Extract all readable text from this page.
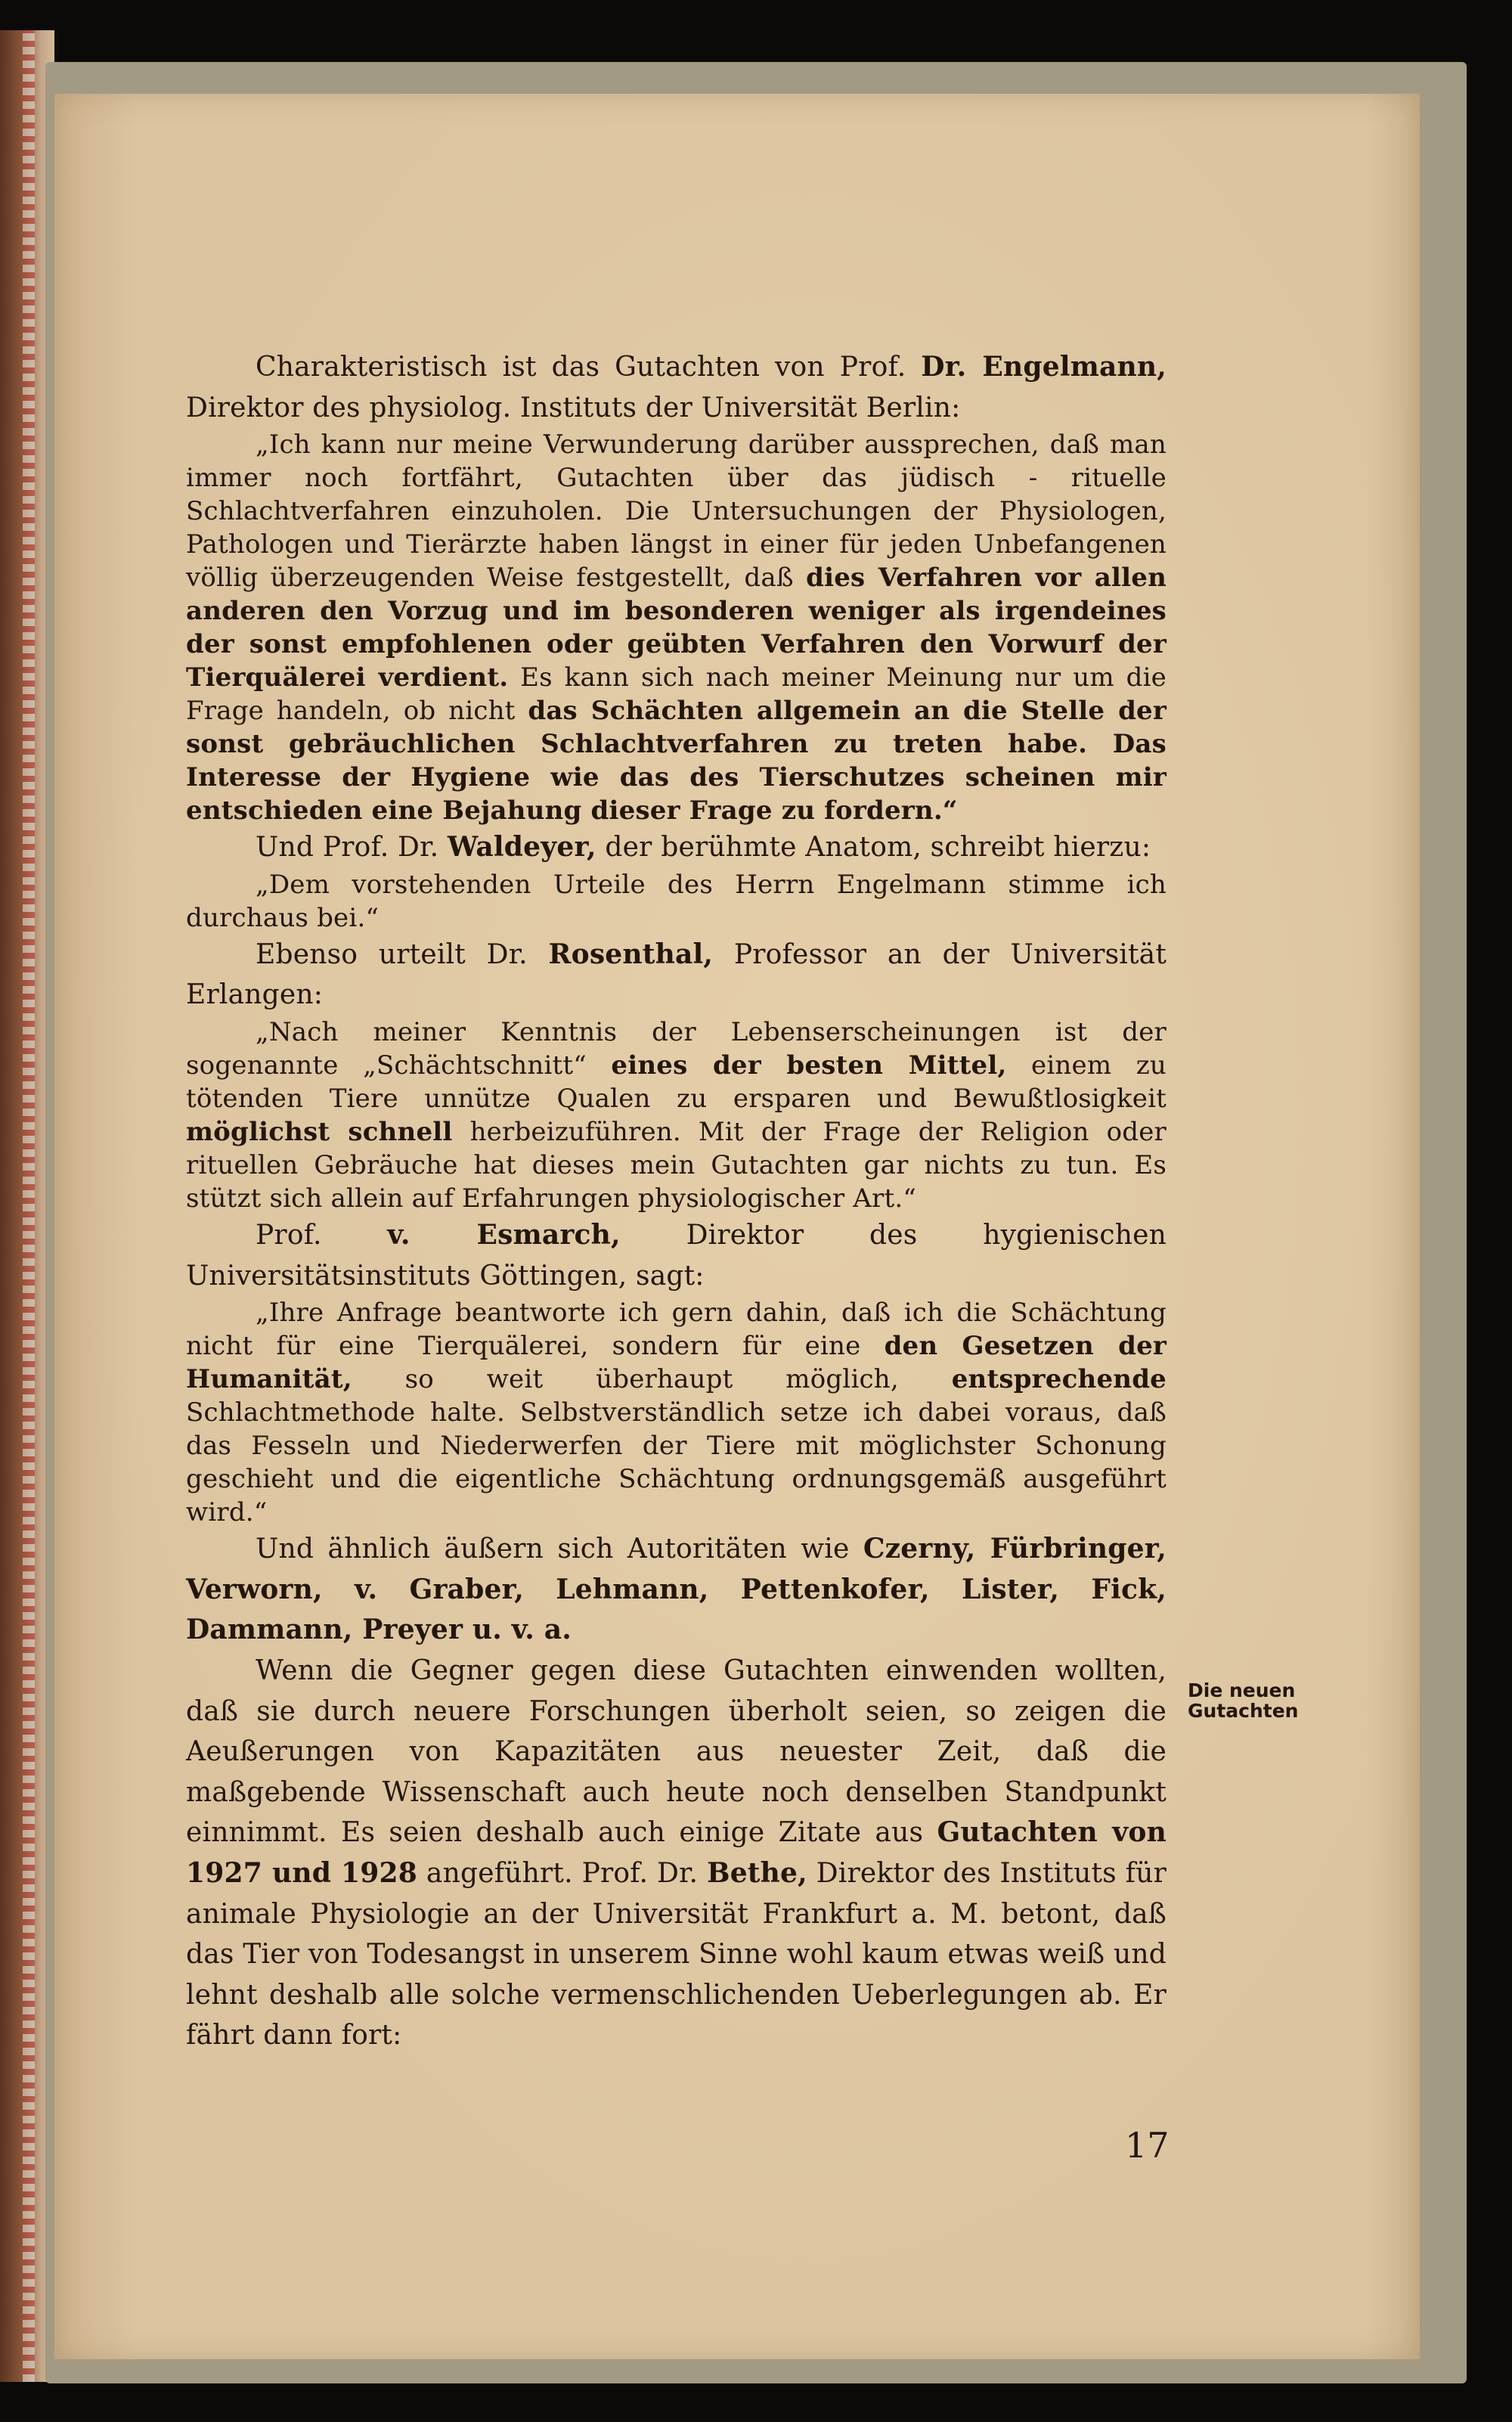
Charakteristisch ist das Gutachten von Prof. Dr. Engelmann, Direktor des physiolog. Instituts der Universität Berlin:

„Ich kann nur meine Verwunderung darüber aussprechen, daß man immer noch fortfährt, Gutachten über das jüdisch - rituelle Schlachtverfahren einzuholen. Die Untersuchungen der Physiologen, Pathologen und Tierärzte haben längst in einer für jeden Unbefangenen völlig überzeugenden Weise festgestellt, daß dies Verfahren vor allen anderen den Vorzug und im besonderen weniger als irgendeines der sonst empfohlenen oder geübten Verfahren den Vorwurf der Tierquälerei verdient. Es kann sich nach meiner Meinung nur um die Frage handeln, ob nicht das Schächten allgemein an die Stelle der sonst gebräuchlichen Schlachtverfahren zu treten habe. Das Interesse der Hygiene wie das des Tierschutzes scheinen mir entschieden eine Bejahung dieser Frage zu fordern.“

Und Prof. Dr. Waldeyer, der berühmte Anatom, schreibt hierzu:

„Dem vorstehenden Urteile des Herrn Engelmann stimme ich durchaus bei.“

Ebenso urteilt Dr. Rosenthal, Professor an der Universität Erlangen:

„Nach meiner Kenntnis der Lebenserscheinungen ist der sogenannte „Schächtschnitt“ eines der besten Mittel, einem zu tötenden Tiere unnütze Qualen zu ersparen und Bewußtlosigkeit möglichst schnell herbeizuführen. Mit der Frage der Religion oder rituellen Gebräuche hat dieses mein Gutachten gar nichts zu tun. Es stützt sich allein auf Erfahrungen physiologischer Art.“

Prof. v. Esmarch, Direktor des hygienischen Universitätsinstituts Göttingen, sagt:

„Ihre Anfrage beantworte ich gern dahin, daß ich die Schächtung nicht für eine Tierquälerei, sondern für eine den Gesetzen der Humanität, so weit überhaupt möglich, entsprechende Schlachtmethode halte. Selbstverständlich setze ich dabei voraus, daß das Fesseln und Niederwerfen der Tiere mit möglichster Schonung geschieht und die eigentliche Schächtung ordnungsgemäß ausgeführt wird.“

Und ähnlich äußern sich Autoritäten wie Czerny, Fürbringer, Verworn, v. Graber, Lehmann, Pettenkofer, Lister, Fick, Dammann, Preyer u. v. a.

Wenn die Gegner gegen diese Gutachten einwenden wollten, daß sie durch neuere Forschungen überholt seien, so zeigen die Aeußerungen von Kapazitäten aus neuester Zeit, daß die maßgebende Wissenschaft auch heute noch denselben Standpunkt einnimmt. Es seien deshalb auch einige Zitate aus Gutachten von 1927 und 1928 angeführt. Prof. Dr. Bethe, Direktor des Instituts für animale Physiologie an der Universität Frankfurt a. M. betont, daß das Tier von Todesangst in unserem Sinne wohl kaum etwas weiß und lehnt deshalb alle solche vermenschlichenden Ueberlegungen ab. Er fährt dann fort:

Die neuen Gutachten
17
